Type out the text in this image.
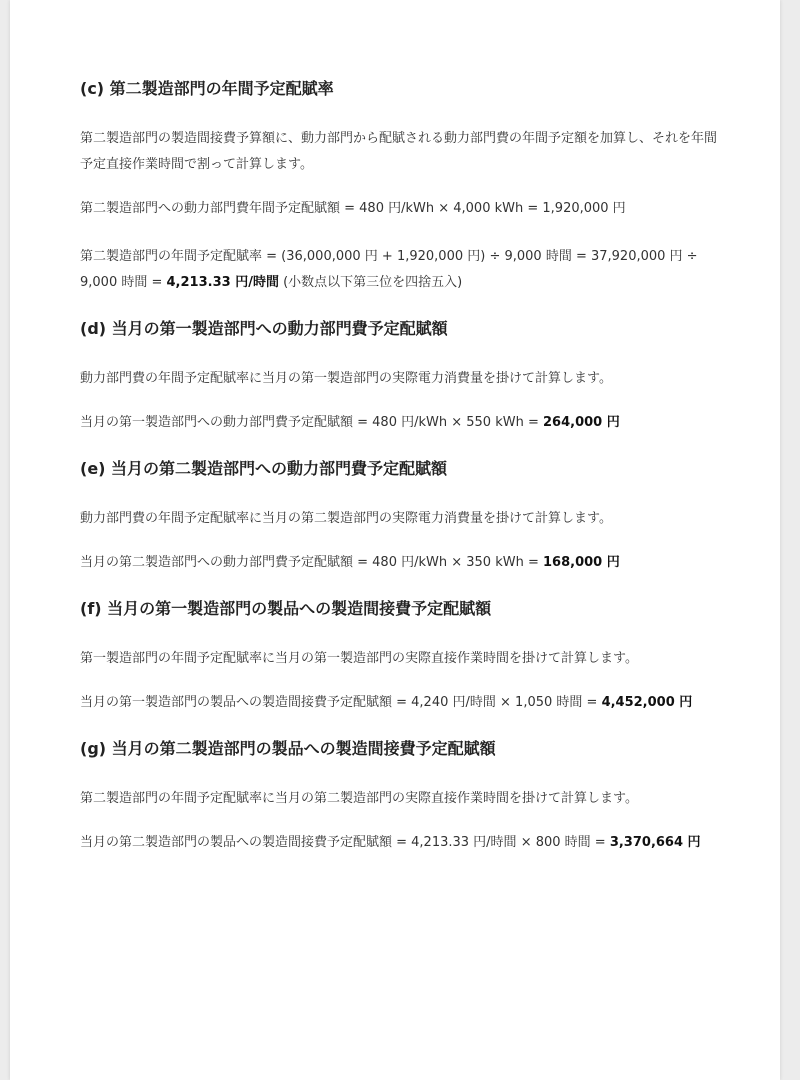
(c) 第二製造部門の年間予定配賦率

第二製造部門の製造間接費予算額に、動力部門から配賦される動力部門費の年間予定額を加算し、それを年間予定直接作業時間で割って計算します。

第二製造部門への動力部門費年間予定配賦額 = 480 円/kWh × 4,000 kWh = 1,920,000 円

第二製造部門の年間予定配賦率 = (36,000,000 円 + 1,920,000 円) ÷ 9,000 時間 = 37,920,000 円 ÷ 9,000 時間 = 4,213.33 円/時間 (小数点以下第三位を四捨五入)

(d) 当月の第一製造部門への動力部門費予定配賦額

動力部門費の年間予定配賦率に当月の第一製造部門の実際電力消費量を掛けて計算します。

当月の第一製造部門への動力部門費予定配賦額 = 480 円/kWh × 550 kWh = 264,000 円

(e) 当月の第二製造部門への動力部門費予定配賦額

動力部門費の年間予定配賦率に当月の第二製造部門の実際電力消費量を掛けて計算します。

当月の第二製造部門への動力部門費予定配賦額 = 480 円/kWh × 350 kWh = 168,000 円

(f) 当月の第一製造部門の製品への製造間接費予定配賦額

第一製造部門の年間予定配賦率に当月の第一製造部門の実際直接作業時間を掛けて計算します。

当月の第一製造部門の製品への製造間接費予定配賦額 = 4,240 円/時間 × 1,050 時間 = 4,452,000 円

(g) 当月の第二製造部門の製品への製造間接費予定配賦額

第二製造部門の年間予定配賦率に当月の第二製造部門の実際直接作業時間を掛けて計算します。

当月の第二製造部門の製品への製造間接費予定配賦額 = 4,213.33 円/時間 × 800 時間 = 3,370,664 円
